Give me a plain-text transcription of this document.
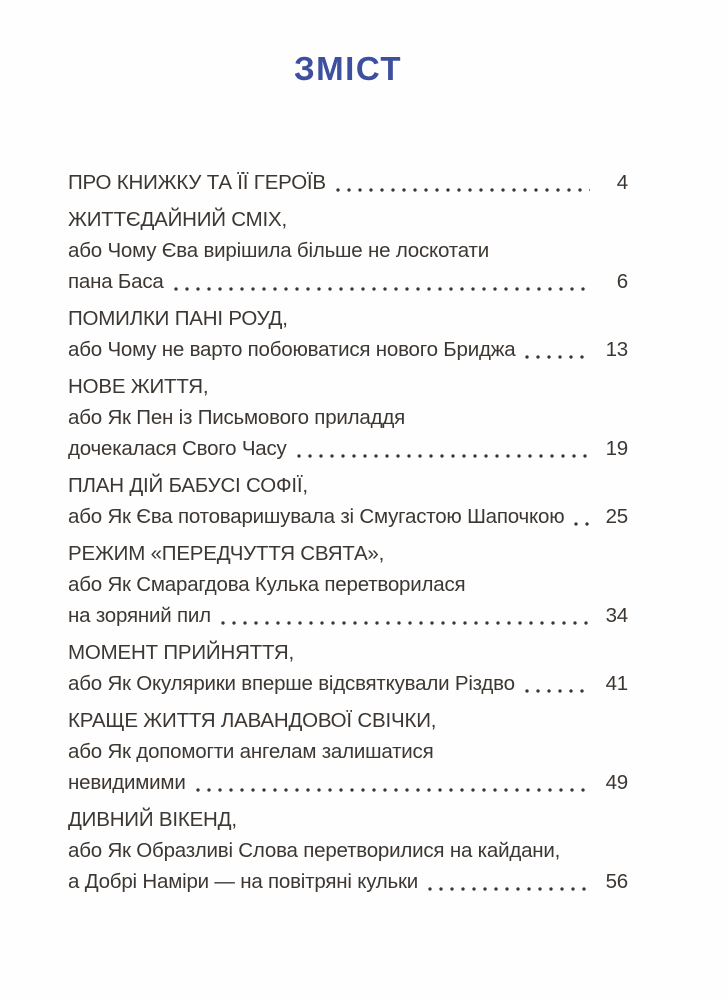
ЗМІСТ
ПРО КНИЖКУ ТА ЇЇ ГЕРОЇВ	4
ЖИТТЄДАЙНИЙ СМІХ,
або Чому Єва вирішила більше не лоскотати
пана Баса	6
ПОМИЛКИ ПАНІ РОУД,
або Чому не варто побоюватися нового Бриджа	13
НОВЕ ЖИТТЯ,
або Як Пен із Письмового приладдя
дочекалася Свого Часу	19
ПЛАН ДІЙ БАБУСІ СОФІЇ,
або Як Єва потоваришувала зі Смугастою Шапочкою 25
РЕЖИМ «ПЕРЕДЧУТТЯ СВЯТА»,
або Як Смарагдова Кулька перетворилася
на зоряний пил	34
МОМЕНТ ПРИЙНЯТТЯ,
або Як Окулярики вперше відсвяткували Різдво	41
КРАЩЕ ЖИТТЯ ЛАВАНДОВОЇ СВІЧКИ,
або Як допомогти ангелам залишатися
невидимими	49
ДИВНИЙ ВІКЕНД,
або Як Образливі Слова перетворилися на кайдани,
а Добрі Наміри — на повітряні кульки	56
